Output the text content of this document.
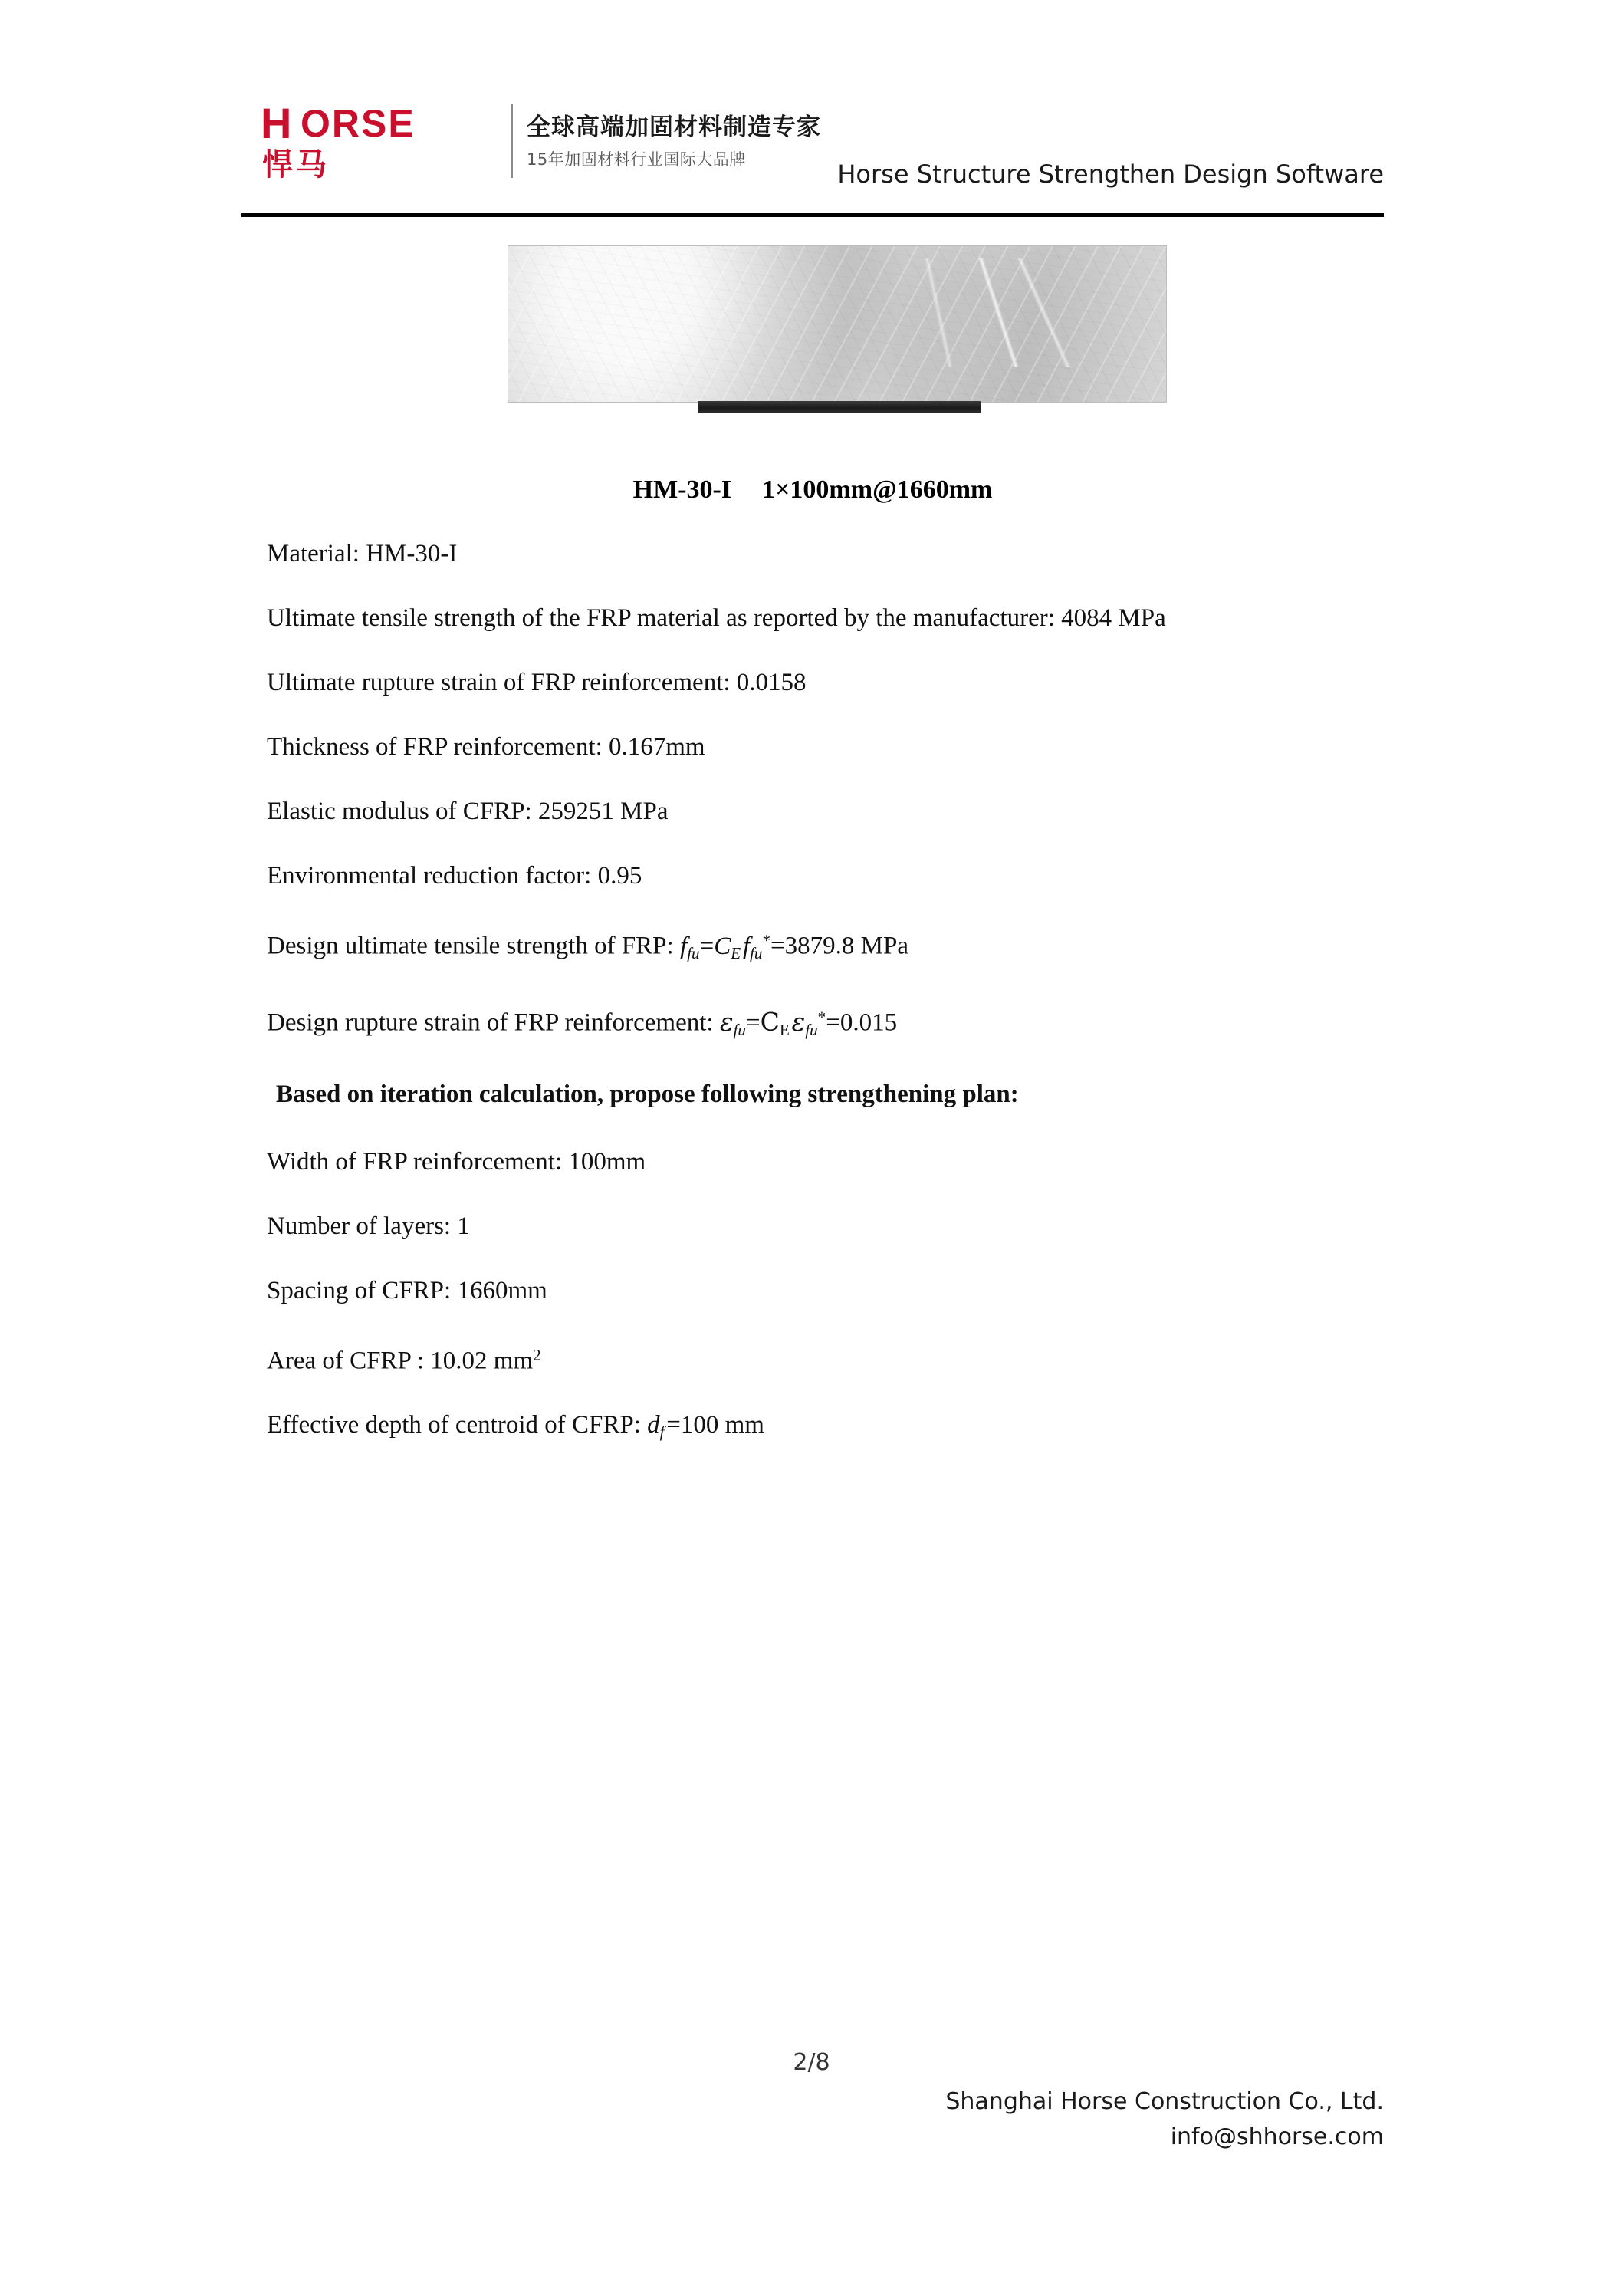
H ORSE
悍马
全球高端加固材料制造专家
15年加固材料行业国际大品牌	Horse Structure Strengthen Design Software
HM-30-I 1×100mm@1660mm

Material: HM-30-I

Ultimate tensile strength of the FRP material as reported by the manufacturer: 4084 MPa

Ultimate rupture strain of FRP reinforcement: 0.0158

Thickness of FRP reinforcement: 0.167mm

Elastic modulus of CFRP: 259251 MPa

Environmental reduction factor: 0.95

Design ultimate tensile strength of FRP: $f_{fu}=C_E$ $f_{fu}^*=3879.8$ MPa

Design rupture strain of FRP reinforcement: $\varepsilon_{fu}=C_E$ $\varepsilon_{fu}^*=0.015$

Based on iteration calculation, propose following strengthening plan:

Width of FRP reinforcement: 100mm

Number of layers: 1

Spacing of CFRP: 1660mm

Area of CFRP : 10.02 $mm^2$

Effective depth of centroid of CFRP: $d_f$ =100 mm

2/8
Shanghai Horse Construction Co., Ltd.
info@shhorse.com
